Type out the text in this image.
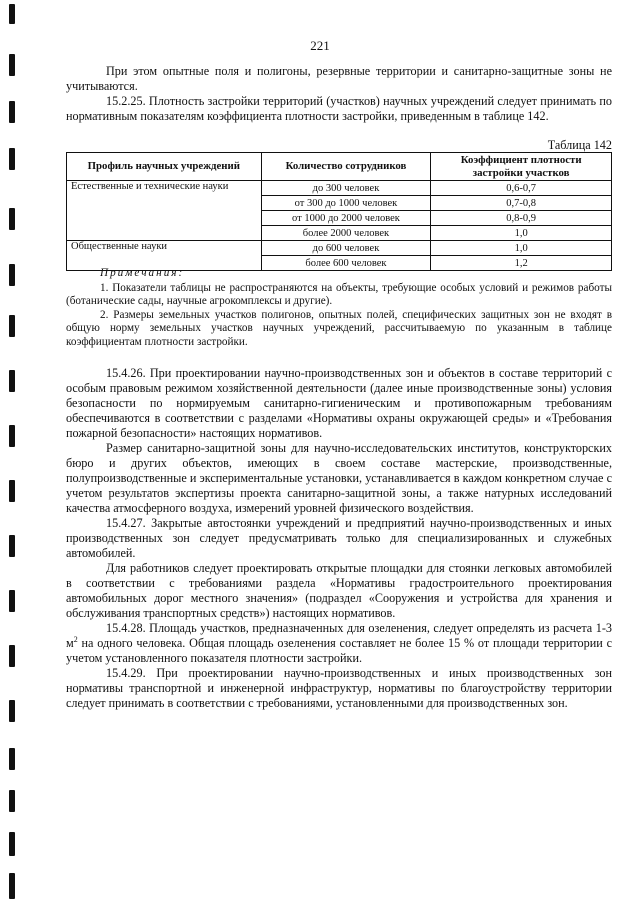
221

При этом опытные поля и полигоны, резервные территории и санитарно-защитные зоны не учитываются.

15.2.25. Плотность застройки территорий (участков) научных учреждений следует принимать по нормативным показателям коэффициента плотности застройки, приведенным в таблице 142.

Таблица 142
Профиль научных учреждений	Количество сотрудников	Коэффициент плотности застройки участков
Естественные и технические науки	до 300 человек	0,6-0,7
	от 300 до 1000 человек	0,7-0,8
	от 1000 до 2000 человек	0,8-0,9
	более 2000 человек	1,0
Общественные науки	до 600 человек	1,0
	более 600 человек	1,2

Примечания:

1. Показатели таблицы не распространяются на объекты, требующие особых условий и режимов работы (ботанические сады, научные агрокомплексы и другие).

2. Размеры земельных участков полигонов, опытных полей, специфических защитных зон не входят в общую норму земельных участков научных учреждений, рассчитываемую по указанным в таблице коэффициентам плотности застройки.

15.4.26. При проектировании научно-производственных зон и объектов в составе территорий с особым правовым режимом хозяйственной деятельности (далее иные производственные зоны) условия безопасности по нормируемым санитарно-гигиеническим и противопожарным требованиям обеспечиваются в соответствии с разделами «Нормативы охраны окружающей среды» и «Требования пожарной безопасности» настоящих нормативов.

Размер санитарно-защитной зоны для научно-исследовательских институтов, конструкторских бюро и других объектов, имеющих в своем составе мастерские, производственные, полупроизводственные и экспериментальные установки, устанавливается в каждом конкретном случае с учетом результатов экспертизы проекта санитарно-защитной зоны, а также натурных исследований качества атмосферного воздуха, измерений уровней физического воздействия.

15.4.27. Закрытые автостоянки учреждений и предприятий научно-производственных и иных производственных зон следует предусматривать только для специализированных и служебных автомобилей.

Для работников следует проектировать открытые площадки для стоянки легковых автомобилей в соответствии с требованиями раздела «Нормативы градостроительного проектирования автомобильных дорог местного значения» (подраздел «Сооружения и устройства для хранения и обслуживания транспортных средств») настоящих нормативов.

15.4.28. Площадь участков, предназначенных для озеленения, следует определять из расчета 1-3 $м^2$ на одного человека. Общая площадь озеленения составляет не более 15 % от площади территории с учетом установленного показателя плотности застройки.

15.4.29. При проектировании научно-производственных и иных производственных зон нормативы транспортной и инженерной инфраструктур, нормативы по благоустройству территории следует принимать в соответствии с требованиями, установленными для производственных зон.
